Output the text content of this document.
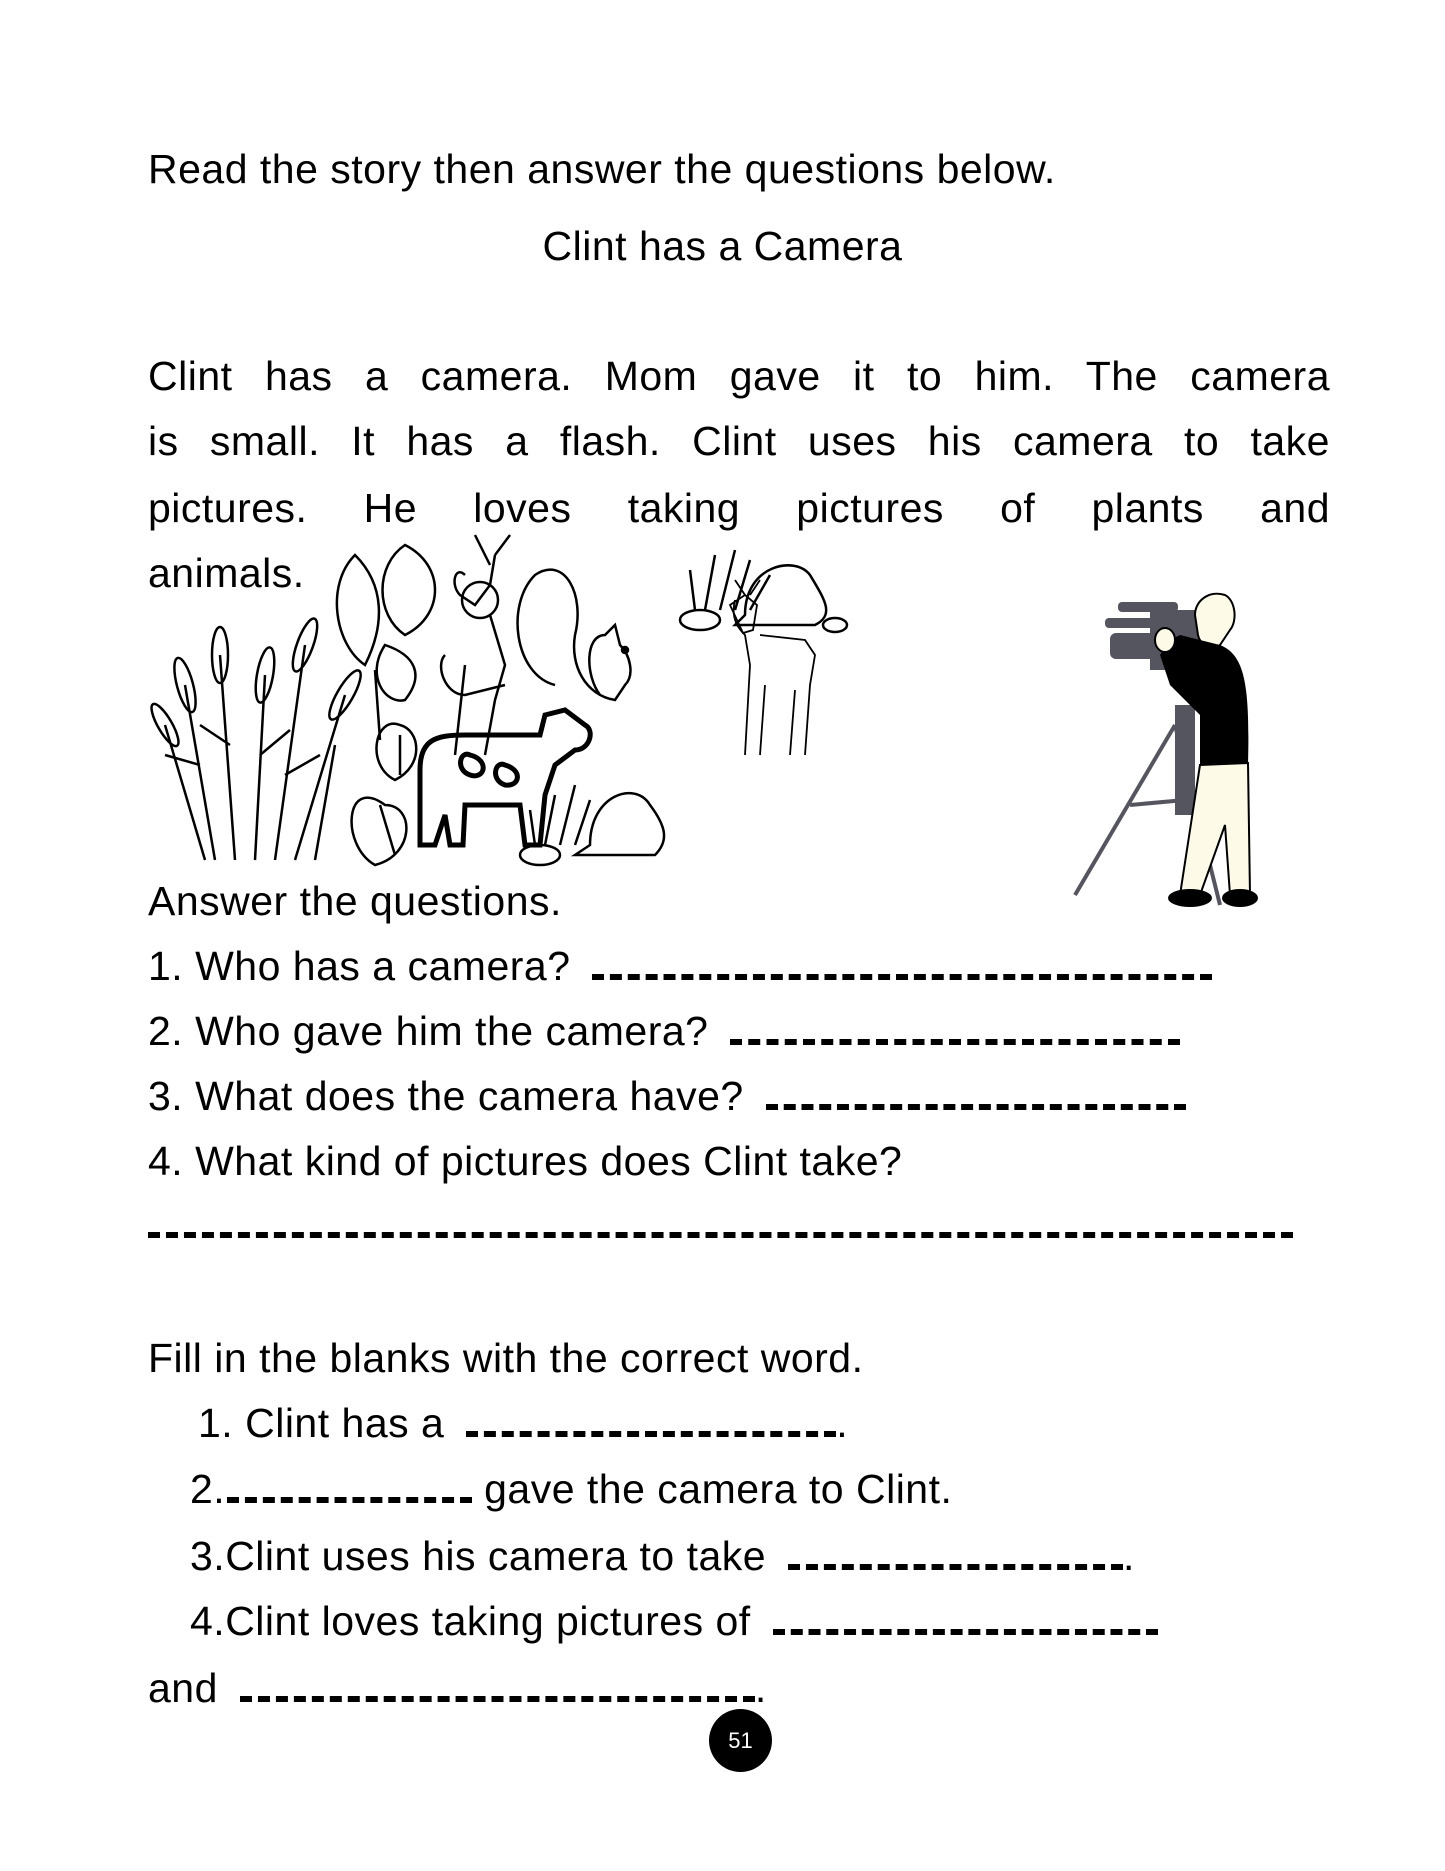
Read the story then answer the questions below.
Clint has a Camera
Clint has a camera. Mom gave it to him. The camera
is small. It has a flash. Clint uses his camera to take
pictures. He loves taking pictures of plants and
animals.
Answer the questions.
1. Who has a camera?
2. Who gave him the camera?
3. What does the camera have?
4. What kind of pictures does Clint take?
Fill in the blanks with the correct word.
1. Clint has a	.
2.	gave the camera to Clint.
3.Clint uses his camera to take	.
4.Clint loves taking pictures of
and	.
51
